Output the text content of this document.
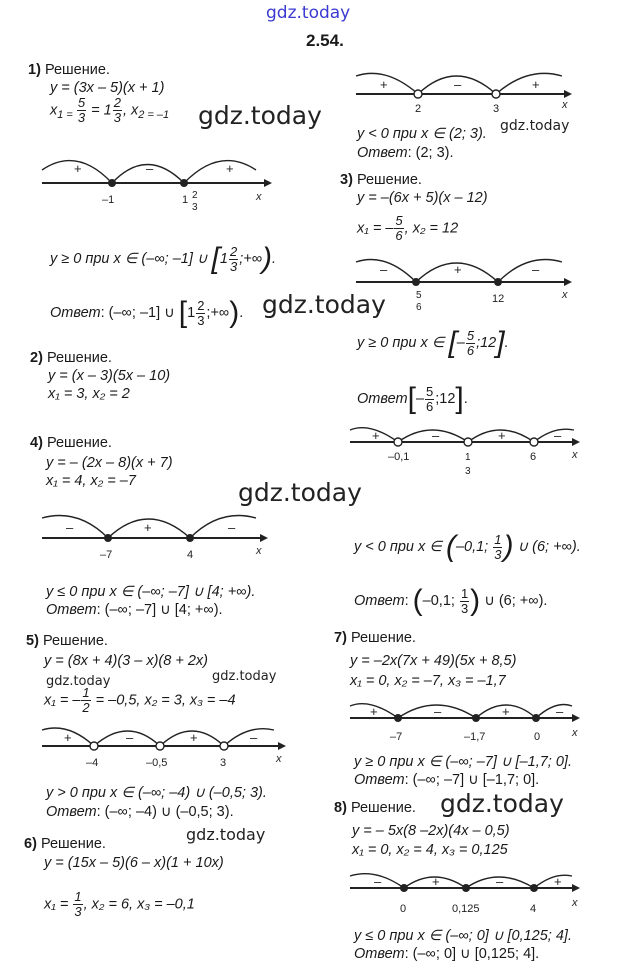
gdz.today
2.54.
1) Решение.
y = (3x – 5)(x + 1)
$x_{1 =} \frac{5}{3} = 1 \frac{2}{3}$ , $x_{2 = -1}$ gdz.today
+	–	+
–1	1 2
3
x
y ≥ 0 при x ∈ (–∞; –1] ∪ [$1 \frac{2}{3}$ ;+∞).
Ответ: (–∞; –1] ∪ [$1 \frac{2}{3}$ ;+∞). gdz.today
+	–	+
2	3	x
y < 0 при x ∈ (2; 3). gdz.today
Ответ: (2; 3).
3) Решение.
y = –(6x + 5)(x – 12)
x₁ = – $\frac{5}{6}$ , x₂ = 12
–	+	–
5
6
12	x
y ≥ 0 при x ∈ [– $\frac{5}{6}$ ;12].
Ответ[– $\frac{5}{6}$ ;12].
2) Решение.
y = (x – 3)(5x – 10)
x₁ = 3, x₂ = 2
4) Решение.
y = – (2x – 8)(x + 7)
x₁ = 4, x₂ = –7	gdz.today
–	+	–
–7	4	x
y ≤ 0 при x ∈ (–∞; –7] ∪ [4; +∞).
Ответ: (–∞; –7] ∪ [4; +∞).
+	–	+	–
–0,1	1
3
6	x
y < 0 при x ∈ (–0,1; $\frac{1}{3}$ ) ∪ (6; +∞).
Ответ: (–0,1; $\frac{1}{3}$ ) ∪ (6; +∞).
5) Решение.
y = (8x + 4)(3 – x)(8 + 2x)
gdz.today	gdz.today
x₁ = – $\frac{1}{2} = -0,5$, x₂ = 3, x₃ = –4
+	–	+	–
–4	–0,5	3	x
y > 0 при x ∈ (–∞; –4) ∪ (–0,5; 3).
Ответ: (–∞; –4) ∪ (–0,5; 3).
gdz.today
6) Решение.
y = (15x – 5)(6 – x)(1 + 10x)
$x_1 = \frac{1}{3}$ , x₂ = 6, x₃ = –0,1
7) Решение.
y = –2x(7x + 49)(5x + 8,5)
x₁ = 0, x₂ = –7, x₃ = –1,7
+	–	+	–
–7	–1,7	0	x
y ≥ 0 при x ∈ (–∞; –7] ∪ [–1,7; 0].
Ответ: (–∞; –7] ∪ [–1,7; 0].
8) Решение. gdz.today
y = – 5x(8 –2x)(4x – 0,5)
x₁ = 0, x₂ = 4, x₃ = 0,125
–	+	–	+
0	0,125	4	x
y ≤ 0 при x ∈ (–∞; 0] ∪ [0,125; 4].
Ответ: (–∞; 0] ∪ [0,125; 4].
